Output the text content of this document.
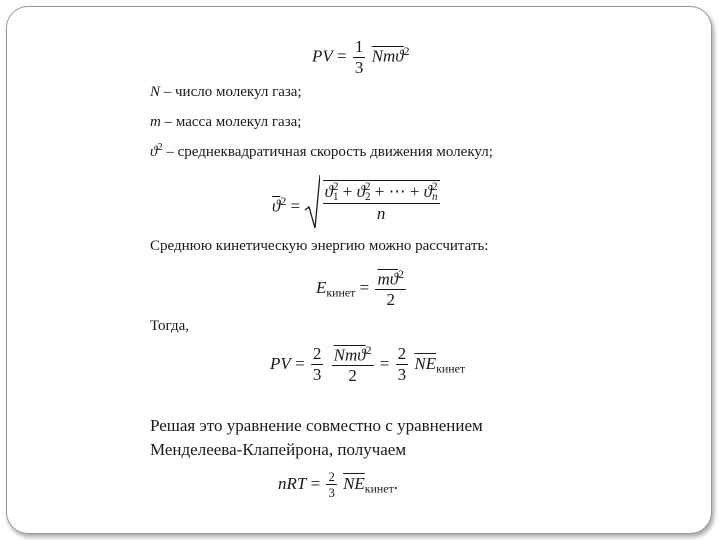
PV = $\frac{1}{3} \overline{Nmϑ}^2$
N – число молекул газа;
m – масса молекул газа;
$ϑ^2$ – среднеквадратичная скорость движения молекул;
$\overline{ϑ}^2 = ϑ$ 2
1 + ϑ 2
2 + ⋯ + ϑ 2
n
n
Среднюю кинетическую энергию можно рассчитать:
$E_{кинет} = \frac{\overline{mϑ}^2}{2}$
Тогда,
PV = $\frac{2}{3}$
$\frac{\overline{Nmϑ}^2}{2} = \frac{2}{3} \overline{NE}_{кинет}$
Решая это уравнение совместно с уравнением
Менделеева-Клапейрона, получаем
nRT = $\frac{2}{3} \overline{NE}_{кинет}$.
